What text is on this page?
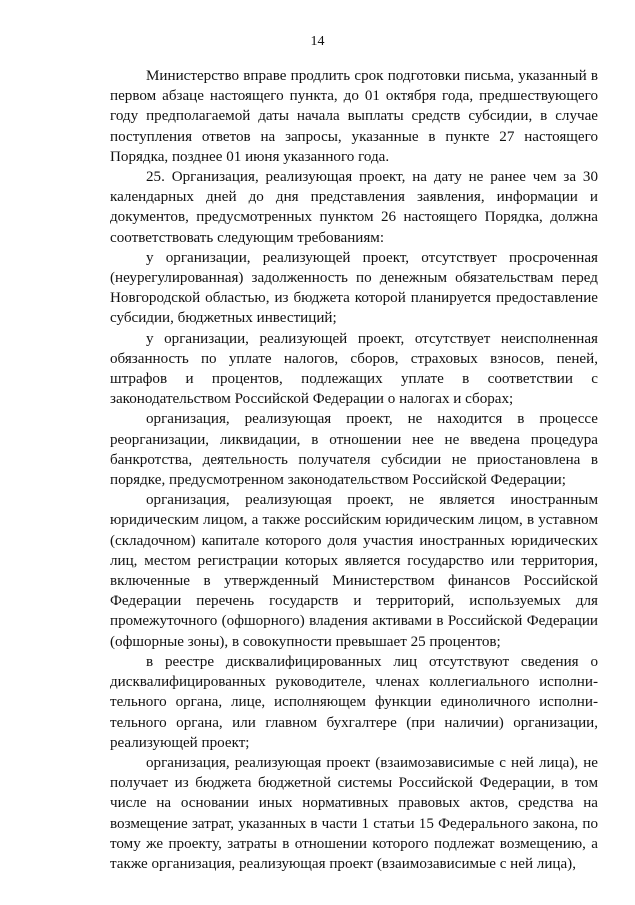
14

Министерство вправе продлить срок подготовки письма, указанный в первом абзаце настоящего пункта, до 01 октября года, предшествующего году предполагаемой даты начала выплаты средств субсидии, в случае поступления ответов на запросы, указанные в пункте 27 настоящего Порядка, позднее 01 июня указанного года.

25. Организация, реализующая проект, на дату не ранее чем за 30 календарных дней до дня представления заявления, информации и документов, предусмотренных пунктом 26 настоящего Порядка, должна соответствовать следующим требованиям:

у организации, реализующей проект, отсутствует просроченная (неурегулированная) задолженность по денежным обязательствам перед Новгородской областью, из бюджета которой планируется предоставление субсидии, бюджетных инвестиций;

у организации, реализующей проект, отсутствует неисполненная обязанность по уплате налогов, сборов, страховых взносов, пеней, штрафов и процентов, подлежащих уплате в соответствии с законодательством Российской Федерации о налогах и сборах;

организация, реализующая проект, не находится в процессе реорганизации, ликвидации, в отношении нее не введена процедура банкротства, деятельность получателя субсидии не приостановлена в порядке, предусмотренном законодательством Российской Федерации;

организация, реализующая проект, не является иностранным юридическим лицом, а также российским юридическим лицом, в уставном (складочном) капитале которого доля участия иностранных юридических лиц, местом регистрации которых является государство или территория, включенные в утвержденный Министерством финансов Российской Федерации перечень государств и территорий, используемых для промежуточного (офшорного) владения активами в Российской Федерации (офшорные зоны), в совокупности превышает 25 процентов;

в реестре дисквалифицированных лиц отсутствуют сведения о дисквалифицированных руководителе, членах коллегиального исполнительного органа, лице, исполняющем функции единоличного исполнительного органа, или главном бухгалтере (при наличии) организации, реализующей проект;

организация, реализующая проект (взаимозависимые с ней лица), не получает из бюджета бюджетной системы Российской Федерации, в том числе на основании иных нормативных правовых актов, средства на возмещение затрат, указанных в части 1 статьи 15 Федерального закона, по тому же проекту, затраты в отношении которого подлежат возмещению, а также организация, реализующая проект (взаимозависимые с ней лица),
